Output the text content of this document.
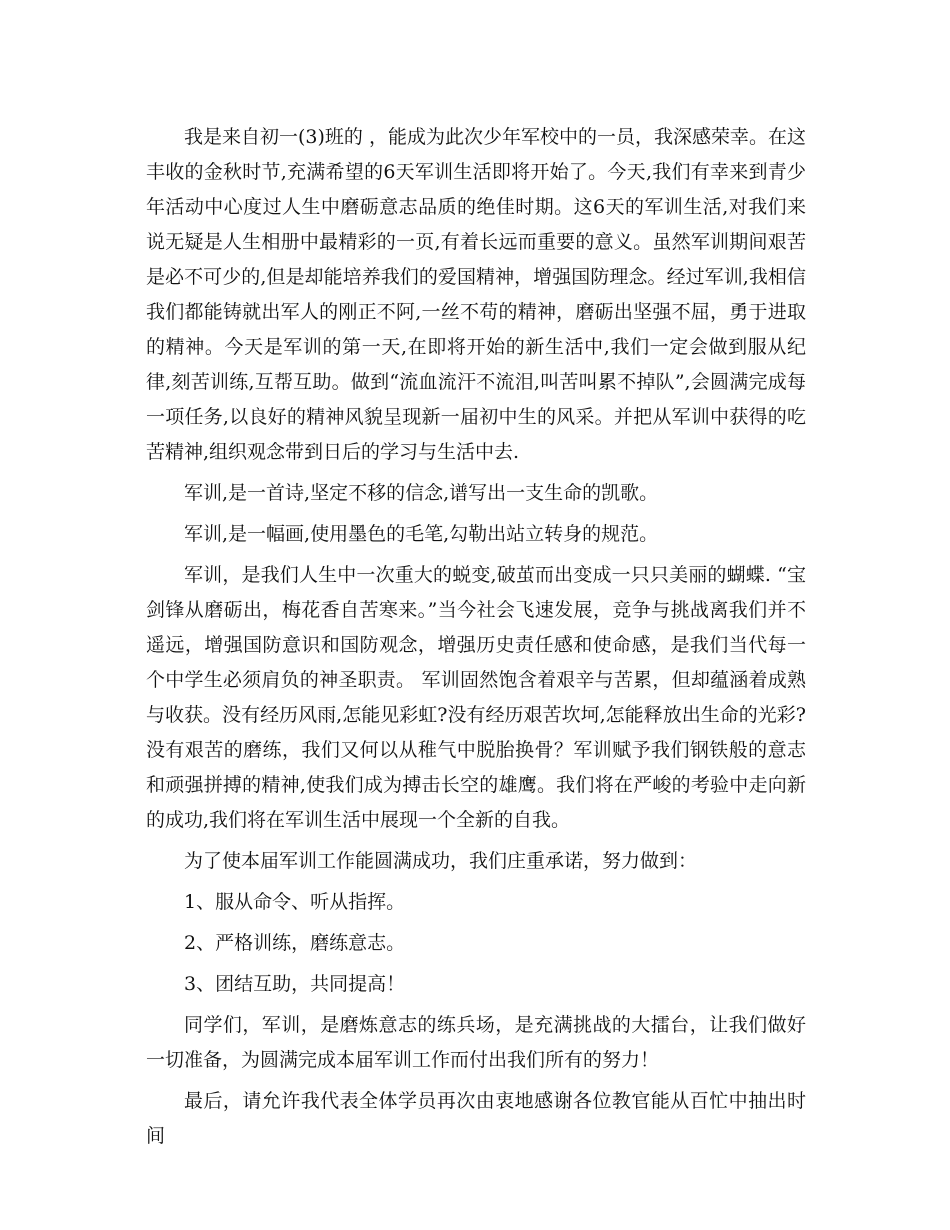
我是来自初一(3)班的 ，能成为此次少年军校中的一员，我深感荣幸。在这丰收的金秋时节,充满希望的6天军训生活即将开始了。今天,我们有幸来到青少年活动中心度过人生中磨砺意志品质的绝佳时期。这6天的军训生活,对我们来说无疑是人生相册中最精彩的一页,有着长远而重要的意义。虽然军训期间艰苦是必不可少的,但是却能培养我们的爱国精神，增强国防理念。经过军训,我相信我们都能铸就出军人的刚正不阿,一丝不苟的精神，磨砺出坚强不屈，勇于进取的精神。今天是军训的第一天,在即将开始的新生活中,我们一定会做到服从纪律,刻苦训练,互帮互助。做到“流血流汗不流泪,叫苦叫累不掉队”,会圆满完成每一项任务,以良好的精神风貌呈现新一届初中生的风采。并把从军训中获得的吃苦精神,组织观念带到日后的学习与生活中去.

军训,是一首诗,坚定不移的信念,谱写出一支生命的凯歌。

军训,是一幅画,使用墨色的毛笔,勾勒出站立转身的规范。

军训，是我们人生中一次重大的蜕变,破茧而出变成一只只美丽的蝴蝶. “宝剑锋从磨砺出，梅花香自苦寒来。”当今社会飞速发展，竞争与挑战离我们并不遥远，增强国防意识和国防观念，增强历史责任感和使命感，是我们当代每一个中学生必须肩负的神圣职责。 军训固然饱含着艰辛与苦累，但却蕴涵着成熟与收获。没有经历风雨,怎能见彩虹?没有经历艰苦坎坷,怎能释放出生命的光彩?没有艰苦的磨练，我们又何以从稚气中脱胎换骨？军训赋予我们钢铁般的意志和顽强拼搏的精神,使我们成为搏击长空的雄鹰。我们将在严峻的考验中走向新的成功,我们将在军训生活中展现一个全新的自我。

为了使本届军训工作能圆满成功，我们庄重承诺，努力做到：

1、服从命令、听从指挥。

2、严格训练，磨练意志。

3、团结互助，共同提高！

同学们，军训，是磨炼意志的练兵场，是充满挑战的大擂台，让我们做好一切准备，为圆满完成本届军训工作而付出我们所有的努力！

最后，请允许我代表全体学员再次由衷地感谢各位教官能从百忙中抽出时间
